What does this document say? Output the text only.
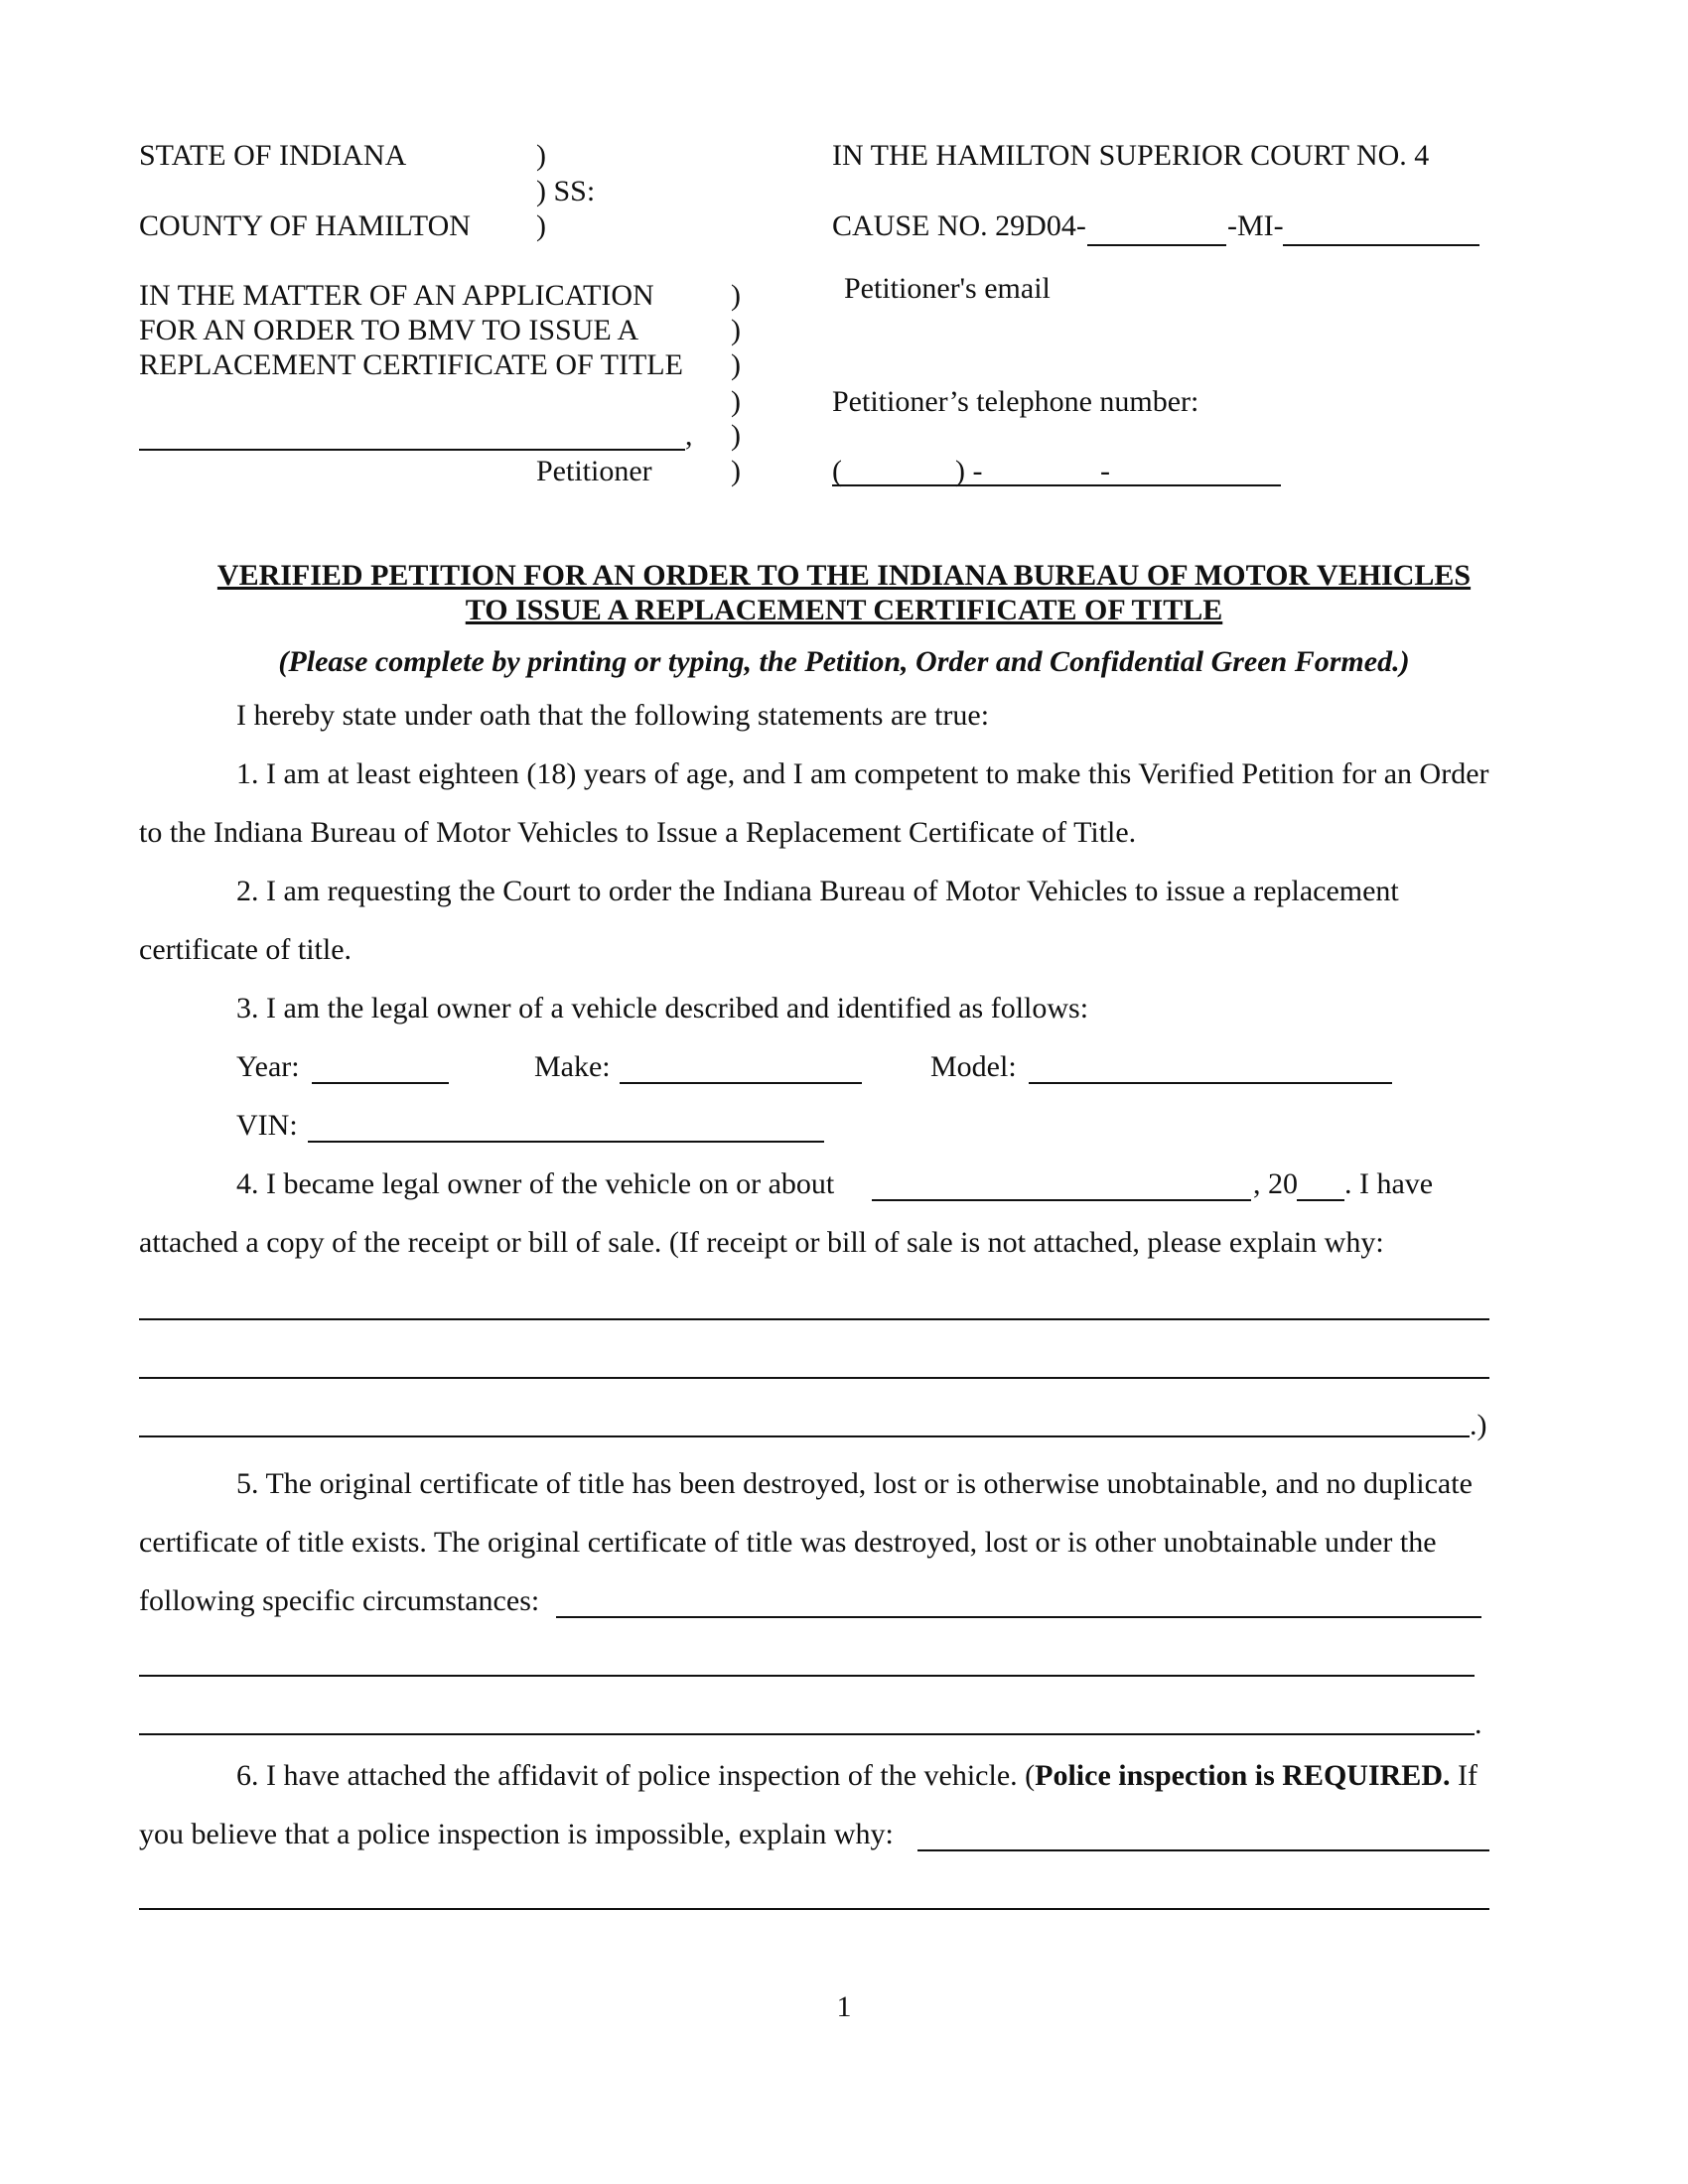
STATE OF INDIANA	)
) SS:
COUNTY OF HAMILTON )
IN THE HAMILTON SUPERIOR COURT NO. 4
CAUSE NO. 29D04-	-MI-
IN THE MATTER OF AN APPLICATION
FOR AN ORDER TO BMV TO ISSUE A
REPLACEMENT CERTIFICATE OF TITLE
)
)
)
)
)
)
,
Petitioner
Petitioner's email
Petitioner’s telephone number:
(	) -	-
VERIFIED PETITION FOR AN ORDER TO THE INDIANA BUREAU OF MOTOR VEHICLES
TO ISSUE A REPLACEMENT CERTIFICATE OF TITLE
(Please complete by printing or typing, the Petition, Order and Confidential Green Formed.)
I hereby state under oath that the following statements are true:
1. I am at least eighteen (18) years of age, and I am competent to make this Verified Petition for an Order
to the Indiana Bureau of Motor Vehicles to Issue a Replacement Certificate of Title.
2. I am requesting the Court to order the Indiana Bureau of Motor Vehicles to issue a replacement
certificate of title.
3. I am the legal owner of a vehicle described and identified as follows:
Year:	Make:	Model:
VIN:
4. I became legal owner of the vehicle on or about	, 20 . I have
attached a copy of the receipt or bill of sale. (If receipt or bill of sale is not attached, please explain why:
.)
5. The original certificate of title has been destroyed, lost or is otherwise unobtainable, and no duplicate
certificate of title exists. The original certificate of title was destroyed, lost or is other unobtainable under the
following specific circumstances:
.
6. I have attached the affidavit of police inspection of the vehicle. (Police inspection is REQUIRED. If
you believe that a police inspection is impossible, explain why:
1
